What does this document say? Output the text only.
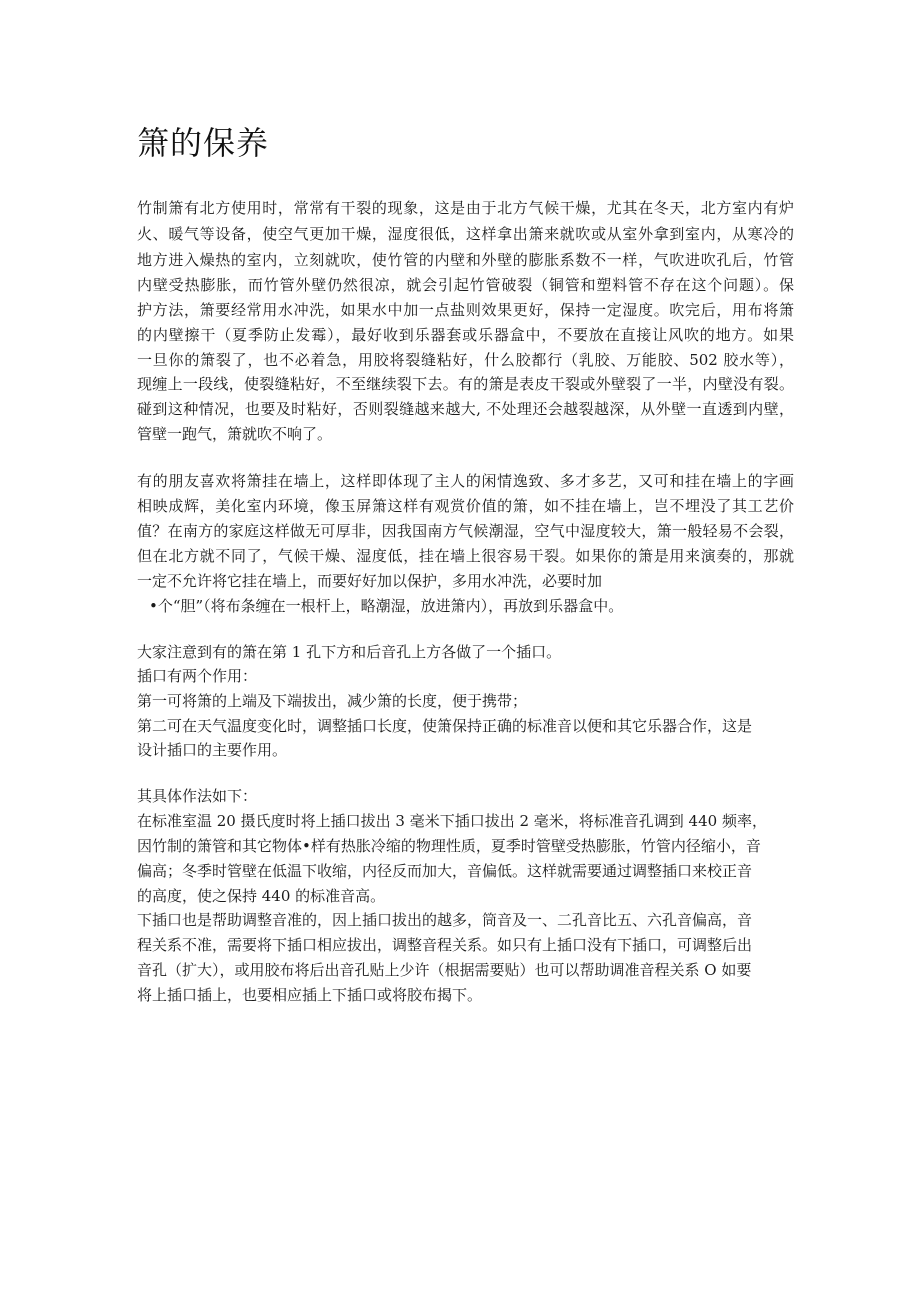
箫的保养

竹制箫有北方使用时，常常有干裂的现象，这是由于北方气候干燥，尤其在冬天，北方室内有炉

火、暖气等设备，使空气更加干燥，湿度很低，这样拿出箫来就吹或从室外拿到室内，从寒冷的

地方进入燥热的室内，立刻就吹，使竹管的内壁和外壁的膨胀系数不一样，气吹进吹孔后，竹管

内壁受热膨胀，而竹管外壁仍然很凉，就会引起竹管破裂（铜管和塑料管不存在这个问题）。保

护方法，箫要经常用水冲洗，如果水中加一点盐则效果更好，保持一定湿度。吹完后，用布将箫

的内壁擦干（夏季防止发霉），最好收到乐器套或乐器盒中，不要放在直接让风吹的地方。如果

一旦你的箫裂了，也不必着急，用胶将裂缝粘好，什么胶都行（乳胶、万能胶、502 胶水等），

现缠上一段线，使裂缝粘好，不至继续裂下去。有的箫是表皮干裂或外壁裂了一半，内壁没有裂。

碰到这种情况，也要及时粘好，否则裂缝越来越大, 不处理还会越裂越深，从外壁一直透到内壁，

管壁一跑气，箫就吹不响了。

有的朋友喜欢将箫挂在墙上，这样即体现了主人的闲情逸致、多才多艺，又可和挂在墙上的字画

相映成辉，美化室内环境，像玉屏箫这样有观赏价值的箫，如不挂在墙上，岂不埋没了其工艺价

值？在南方的家庭这样做无可厚非，因我国南方气候潮湿，空气中湿度较大，箫一般轻易不会裂，

但在北方就不同了，气候干燥、湿度低，挂在墙上很容易干裂。如果你的箫是用来演奏的，那就

一定不允许将它挂在墙上，而要好好加以保护，多用水冲洗，必要时加

•个“胆”（将布条缠在一根杆上，略潮湿，放进箫内），再放到乐器盒中。

大家注意到有的箫在第 1 孔下方和后音孔上方各做了一个插口。

插口有两个作用：

第一可将箫的上端及下端拔出，减少箫的长度，便于携带；

第二可在天气温度变化时，调整插口长度，使箫保持正确的标准音以便和其它乐器合作，这是

设计插口的主要作用。

其具体作法如下：

在标准室温 20 摄氏度时将上插口拔出 3 毫米下插口拔出 2 毫米，将标准音孔调到 440 频率，

因竹制的箫管和其它物体•样有热胀冷缩的物理性质，夏季时管壁受热膨胀，竹管内径缩小，音

偏高；冬季时管壁在低温下收缩，内径反而加大，音偏低。这样就需要通过调整插口来校正音

的高度，使之保持 440 的标准音高。

下插口也是帮助调整音准的，因上插口拔出的越多，筒音及一、二孔音比五、六孔音偏高，音

程关系不准，需要将下插口相应拔出，调整音程关系。如只有上插口没有下插口，可调整后出

音孔（扩大），或用胶布将后出音孔贴上少许（根据需要贴）也可以帮助调准音程关系 O 如要

将上插口插上，也要相应插上下插口或将胶布揭下。
